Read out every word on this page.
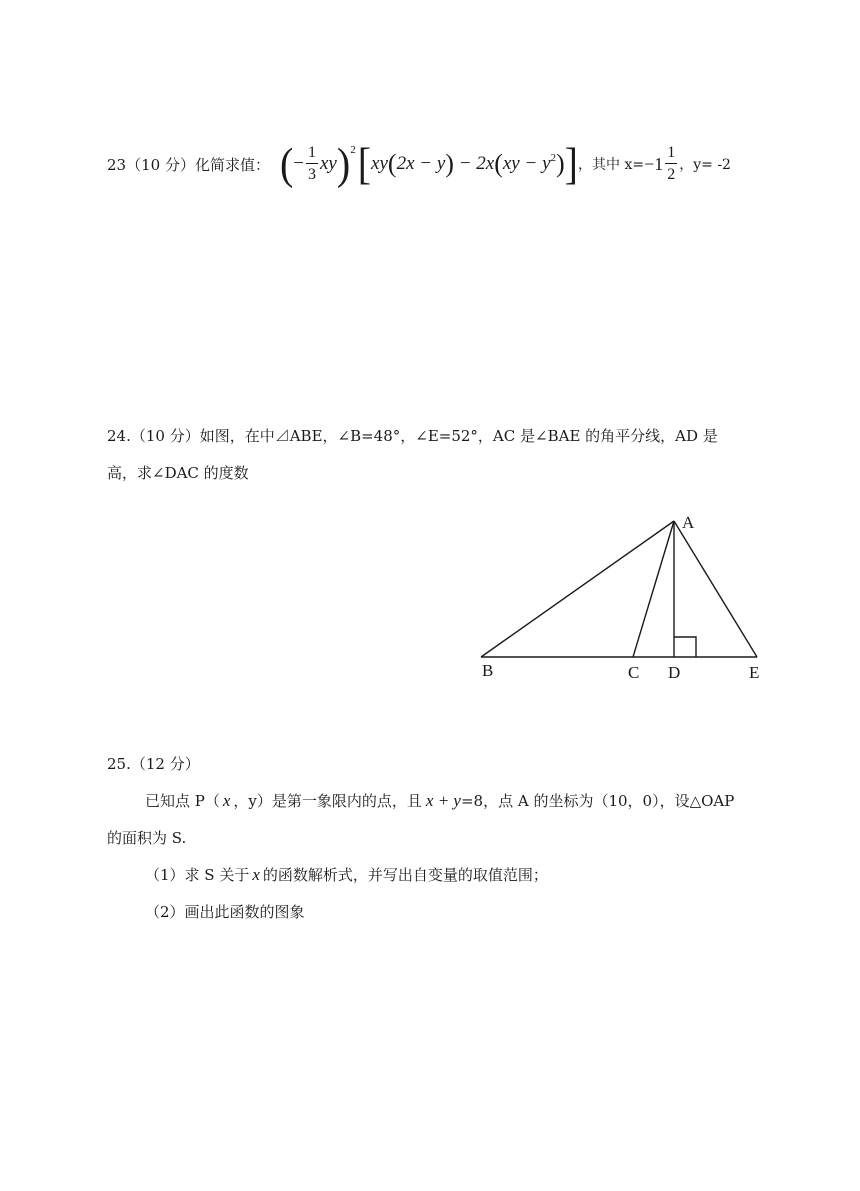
23（10 分）化简求值： ( − $\frac{1}{3}$ xy ) 2 [ xy ( 2x − y ) − 2x ( xy − y 2 ) ] ，其中 $x= -1 \frac{1}{2}$ ，y= -2
24.（10 分）如图，在中⊿ABE，∠B=48°，∠E=52°，AC 是∠BAE 的角平分线，AD 是
高，求∠DAC 的度数
A
B	C D	E
25.（12 分）
已知点 P（ x ，y）是第一象限内的点，且 x + y=8，点 A 的坐标为（10，0），设△OAP
的面积为 S.
（1）求 S 关于 x 的函数解析式，并写出自变量的取值范围；
（2）画出此函数的图象
